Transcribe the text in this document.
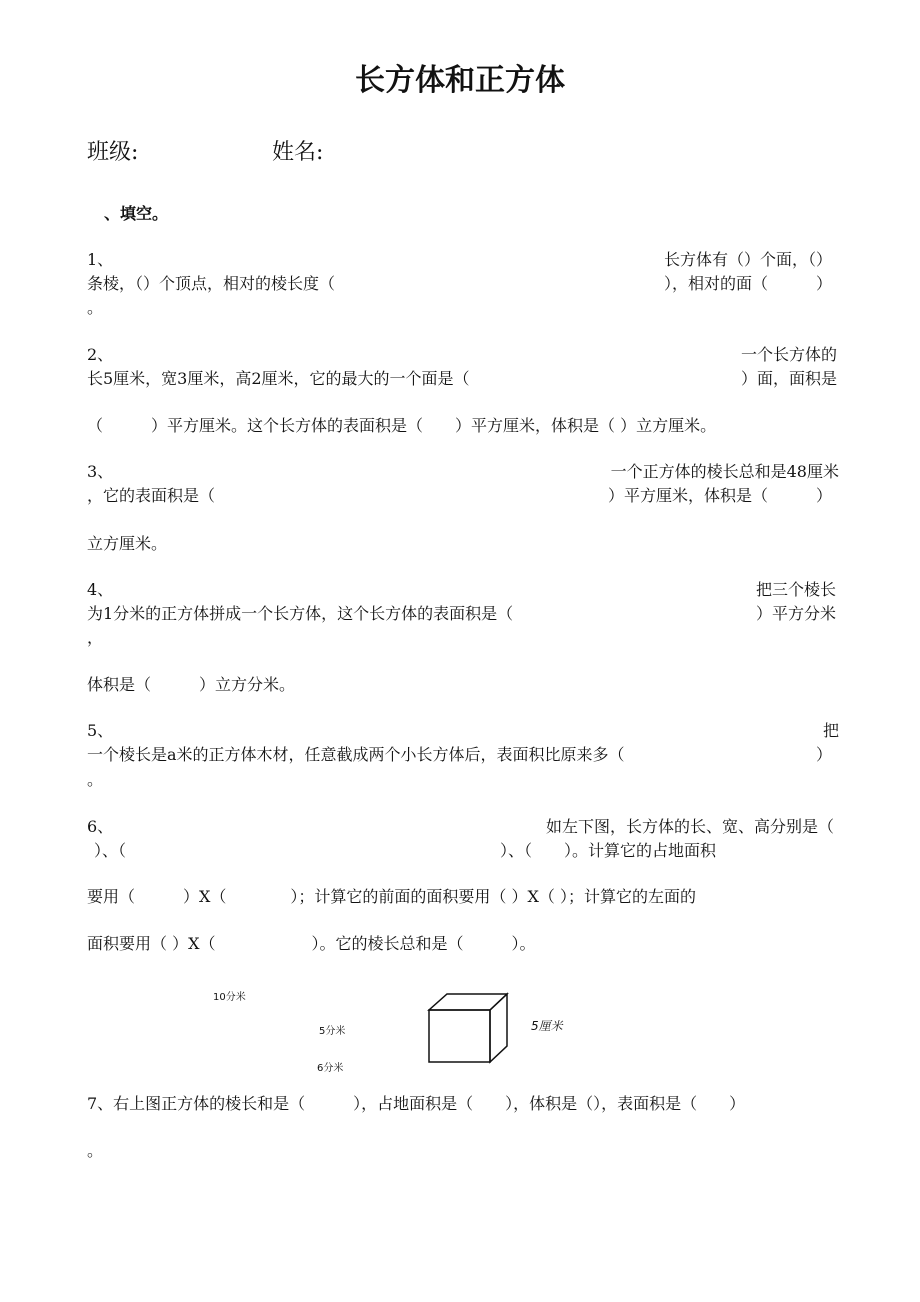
长方体和正方体
班级:	姓名:
、填空。
1、	长方体有（）个面，（）
条棱，（）个顶点，相对的棱长度（	），相对的面（　　　）
。
2、	一个长方体的
长5厘米，宽3厘米，高2厘米，它的最大的一个面是（	）面，面积是
（　　　）平方厘米。这个长方体的表面积是（　　）平方厘米，体积是（ ）立方厘米。
3、	一个正方体的棱长总和是48厘米
，它的表面积是（	）平方厘米，体积是（　　　）
立方厘米。
4、	把三个棱长
为1分米的正方体拼成一个长方体，这个长方体的表面积是（	）平方分米
，
体积是（　　　）立方分米。
5、	把
一个棱长是a米的正方体木材，任意截成两个小长方体后，表面积比原来多（	）
。
6、	如左下图，长方体的长、宽、高分别是（
）、（	）、（　　）。计算它的占地面积
要用（　　　）X（　　　　）；计算它的前面的面积要用（ ）X（ ）；计算它的左面的
面积要用（ ）X（　　　　　　）。它的棱长总和是（　　　）。
10分米
5分米
6分米
5厘米
7、右上图正方体的棱长和是（　　　），占地面积是（　　），体积是（），表面积是（　　）
。
